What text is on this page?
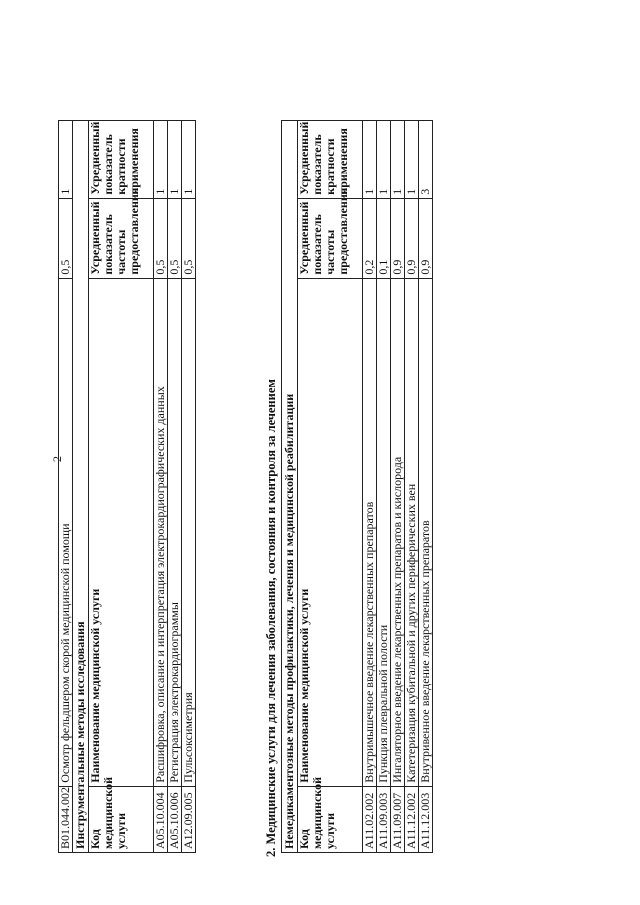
2
B01.044.002	Осмотр фельдшером скорой медицинской помощи	0,5	1
Инструментальные методы исследования			
Код медицинской услуги	Наименование медицинской услуги	Усредненный показатель частоты предоставления	Усредненный показатель кратности применения
A05.10.004	Расшифровка, описание и интерпретация электрокардиографических данных	0,5	1
A05.10.006	Регистрация электрокардиограммы	0,5	1
A12.09.005	Пульсоксиметрия	0,5	1
2. Медицинские услуги для лечения заболевания, состояния и контроля за лечением Немедикаментозные методы профилактики, лечения и медицинской реабилитации			
Код медицинской услуги	Наименование медицинской услуги	Усредненный показатель частоты предоставления	Усредненный показатель кратности применения
A11.02.002	Внутримышечное введение лекарственных препаратов	0,2	1
A11.09.003	Пункция плевральной полости	0,1	1
A11.09.007	Ингаляторное введение лекарственных препаратов и кислорода	0,9	1
A11.12.002	Катетеризация кубитальной и других периферических вен	0,9	1
A11.12.003	Внутривенное введение лекарственных препаратов	0,9	3
